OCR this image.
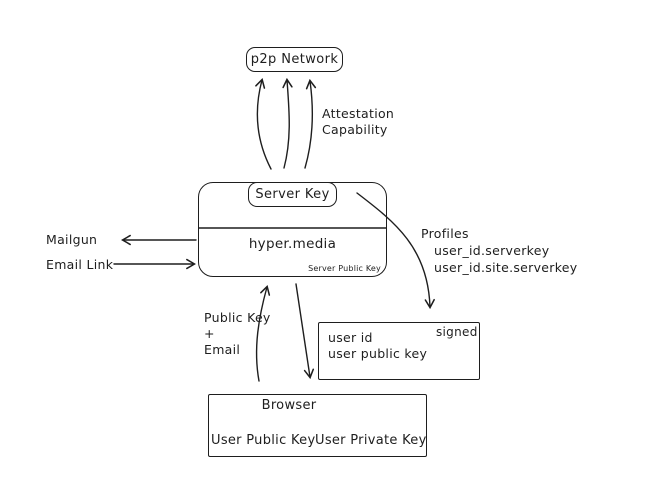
p2p Network
Server Key
hyper.media
Server Public Key
Mailgun
Email Link
Attestation
Capability
Profiles
user_id.serverkey
user_id.site.serverkey
Public Key
+
Email
signed
user id
user public key
Browser
User Public Key User Private Key
